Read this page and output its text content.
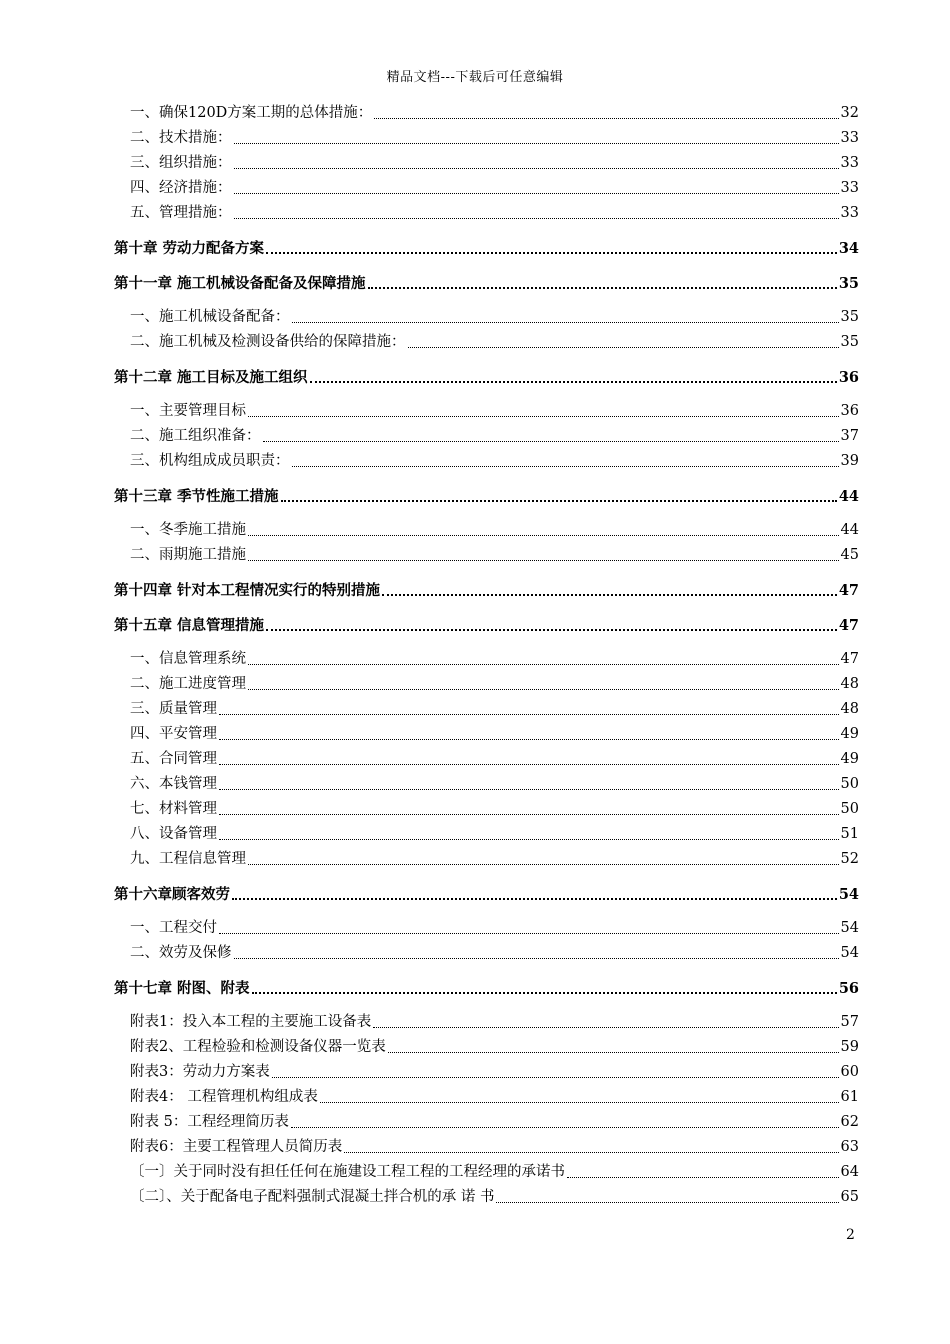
精品文档---下载后可任意编辑
一、确保120D方案工期的总体措施：	32
二、技术措施：	33
三、组织措施：	33
四、经济措施：	33
五、管理措施：	33
第十章 劳动力配备方案	34
第十一章 施工机械设备配备及保障措施	35
一、施工机械设备配备：	35
二、施工机械及检测设备供给的保障措施：	35
第十二章 施工目标及施工组织	36
一、主要管理目标	36
二、施工组织准备：	37
三、机构组成成员职责：	39
第十三章 季节性施工措施	44
一、冬季施工措施	44
二、雨期施工措施	45
第十四章 针对本工程情况实行的特别措施	47
第十五章 信息管理措施	47
一、信息管理系统	47
二、施工进度管理	48
三、质量管理	48
四、平安管理	49
五、合同管理	49
六、本钱管理	50
七、材料管理	50
八、设备管理	51
九、工程信息管理	52
第十六章顾客效劳	54
一、工程交付	54
二、效劳及保修	54
第十七章 附图、附表	56
附表1：投入本工程的主要施工设备表	57
附表2、工程检验和检测设备仪器一览表	59
附表3：劳动力方案表	60
附表4： 工程管理机构组成表	61
附表 5：工程经理简历表	62
附表6：主要工程管理人员简历表	63
〔一〕关于同时没有担任任何在施建设工程工程的工程经理的承诺书	64
〔二〕、关于配备电子配料强制式混凝土拌合机的承 诺 书	65
2
